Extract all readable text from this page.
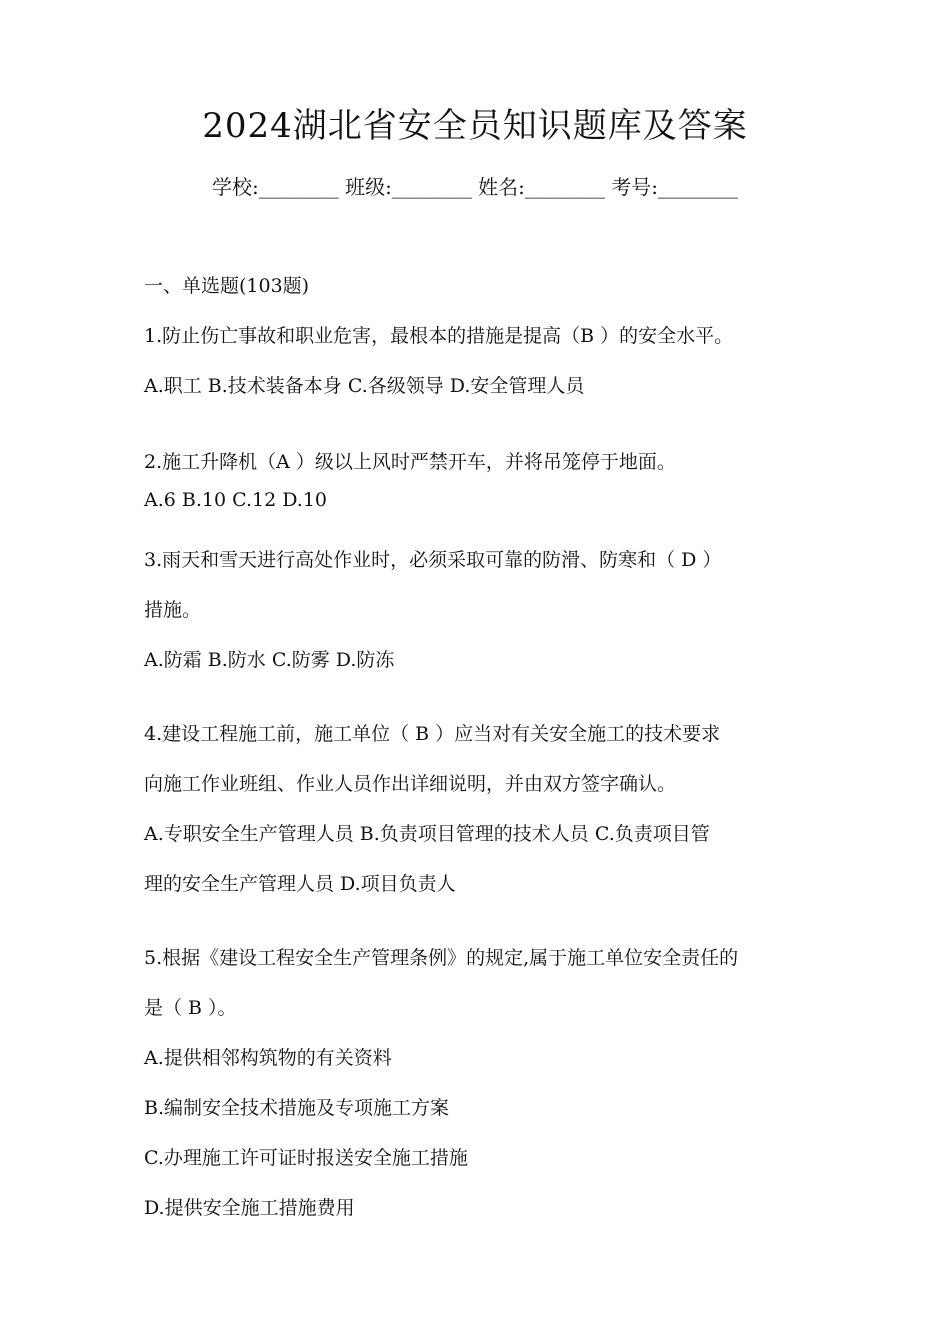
2024湖北省安全员知识题库及答案
学校:________ 班级:________ 姓名:________ 考号:________
一、单选题(103题)
1.防止伤亡事故和职业危害，最根本的措施是提高（B ）的安全水平。
A.职工 B.技术装备本身 C.各级领导 D.安全管理人员
2.施工升降机（A ）级以上风时严禁开车，并将吊笼停于地面。
A.6 B.10 C.12 D.10
3.雨天和雪天进行高处作业时，必须采取可靠的防滑、防寒和（ D ）
措施。
A.防霜 B.防水 C.防雾 D.防冻
4.建设工程施工前，施工单位（ B ）应当对有关安全施工的技术要求
向施工作业班组、作业人员作出详细说明，并由双方签字确认。
A.专职安全生产管理人员 B.负责项目管理的技术人员 C.负责项目管
理的安全生产管理人员 D.项目负责人
5.根据《建设工程安全生产管理条例》的规定,属于施工单位安全责任的
是（ B ）。
A.提供相邻构筑物的有关资料
B.编制安全技术措施及专项施工方案
C.办理施工许可证时报送安全施工措施
D.提供安全施工措施费用
